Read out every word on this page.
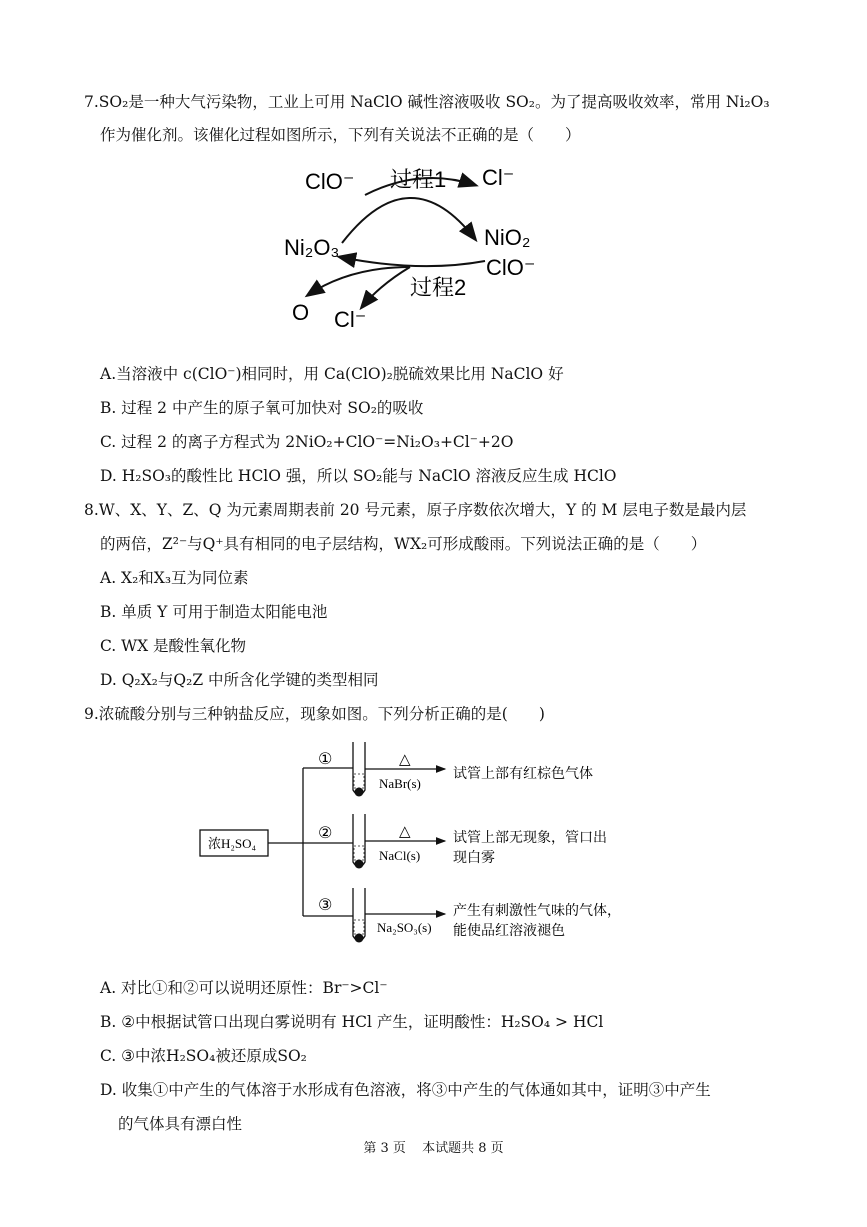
7.SO₂是一种大气污染物，工业上可用 NaClO 碱性溶液吸收 SO₂。为了提高吸收效率，常用 Ni₂O₃
作为催化剂。该催化过程如图所示，下列有关说法不正确的是（　　）
ClO⁻ 过程1 Cl⁻
Ni₂O₃	NiO₂
ClO⁻
过程2
O Cl⁻
A.当溶液中 c(ClO⁻)相同时，用 Ca(ClO)₂脱硫效果比用 NaClO 好
B. 过程 2 中产生的原子氧可加快对 SO₂的吸收
C. 过程 2 的离子方程式为 2NiO₂+ClO⁻=Ni₂O₃+Cl⁻+2O
D. H₂SO₃的酸性比 HClO 强，所以 SO₂能与 NaClO 溶液反应生成 HClO
8.W、X、Y、Z、Q 为元素周期表前 20 号元素，原子序数依次增大，Y 的 M 层电子数是最内层
的两倍，Z²⁻与Q⁺具有相同的电子层结构，WX₂可形成酸雨。下列说法正确的是（　　）
A. X₂和X₃互为同位素
B. 单质 Y 可用于制造太阳能电池
C. WX 是酸性氧化物
D. Q₂X₂与Q₂Z 中所含化学键的类型相同
9.浓硫酸分别与三种钠盐反应，现象如图。下列分析正确的是(　　)
浓H₂SO₄
①
②
③
△
△
NaBr(s)
NaCl(s)
Na₂SO₃(s)
试管上部有红棕色气体
试管上部无现象，管口出
现白雾
产生有刺激性气味的气体，
能使品红溶液褪色
A. 对比①和②可以说明还原性：Br⁻>Cl⁻
B. ②中根据试管口出现白雾说明有 HCl 产生，证明酸性：H₂SO₄ > HCl
C. ③中浓H₂SO₄被还原成SO₂
D. 收集①中产生的气体溶于水形成有色溶液，将③中产生的气体通如其中，证明③中产生
的气体具有漂白性
第 3 页 本试题共 8 页
